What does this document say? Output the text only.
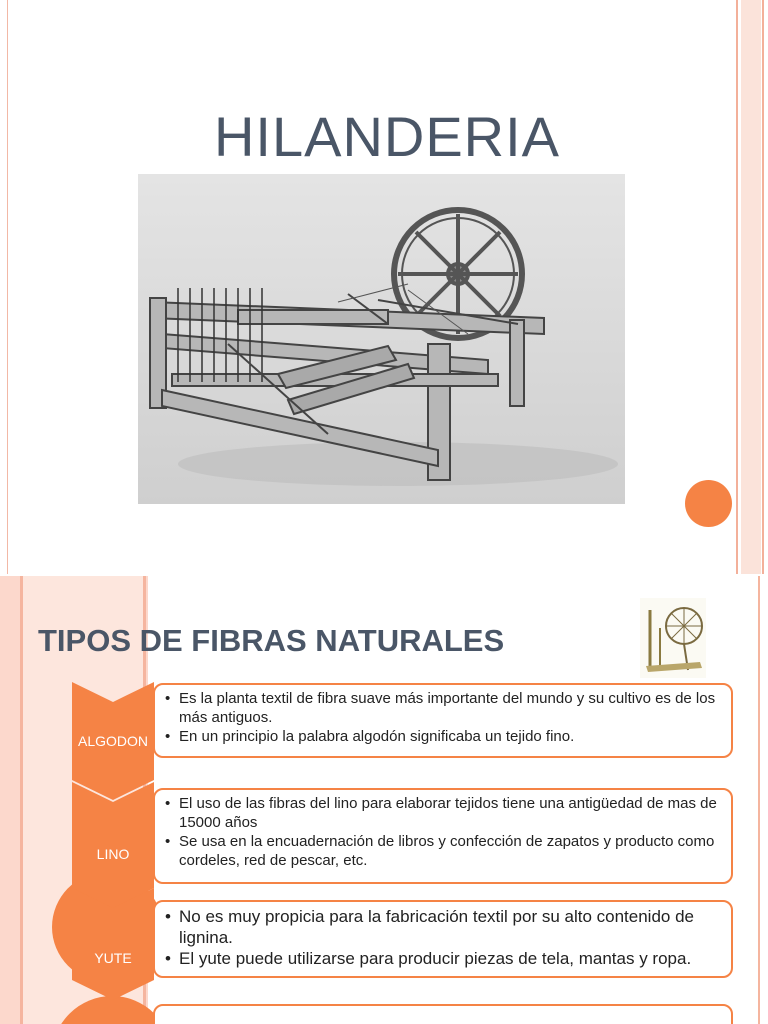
HILANDERIA
TIPOS DE FIBRAS NATURALES
ALGODON
• Es la planta textil de fibra suave más importante del mundo y su cultivo es de los más antiguos.
• En un principio la palabra algodón significaba un tejido fino.
LINO
• El uso de las fibras del lino para elaborar tejidos tiene una antigüedad de mas de 15000 años
• Se usa en la encuadernación de libros y confección de zapatos y producto como cordeles, red de pescar, etc.
YUTE
• No es muy propicia para la fabricación textil por su alto contenido de lignina.
• El yute puede utilizarse para producir piezas de tela, mantas y ropa.
